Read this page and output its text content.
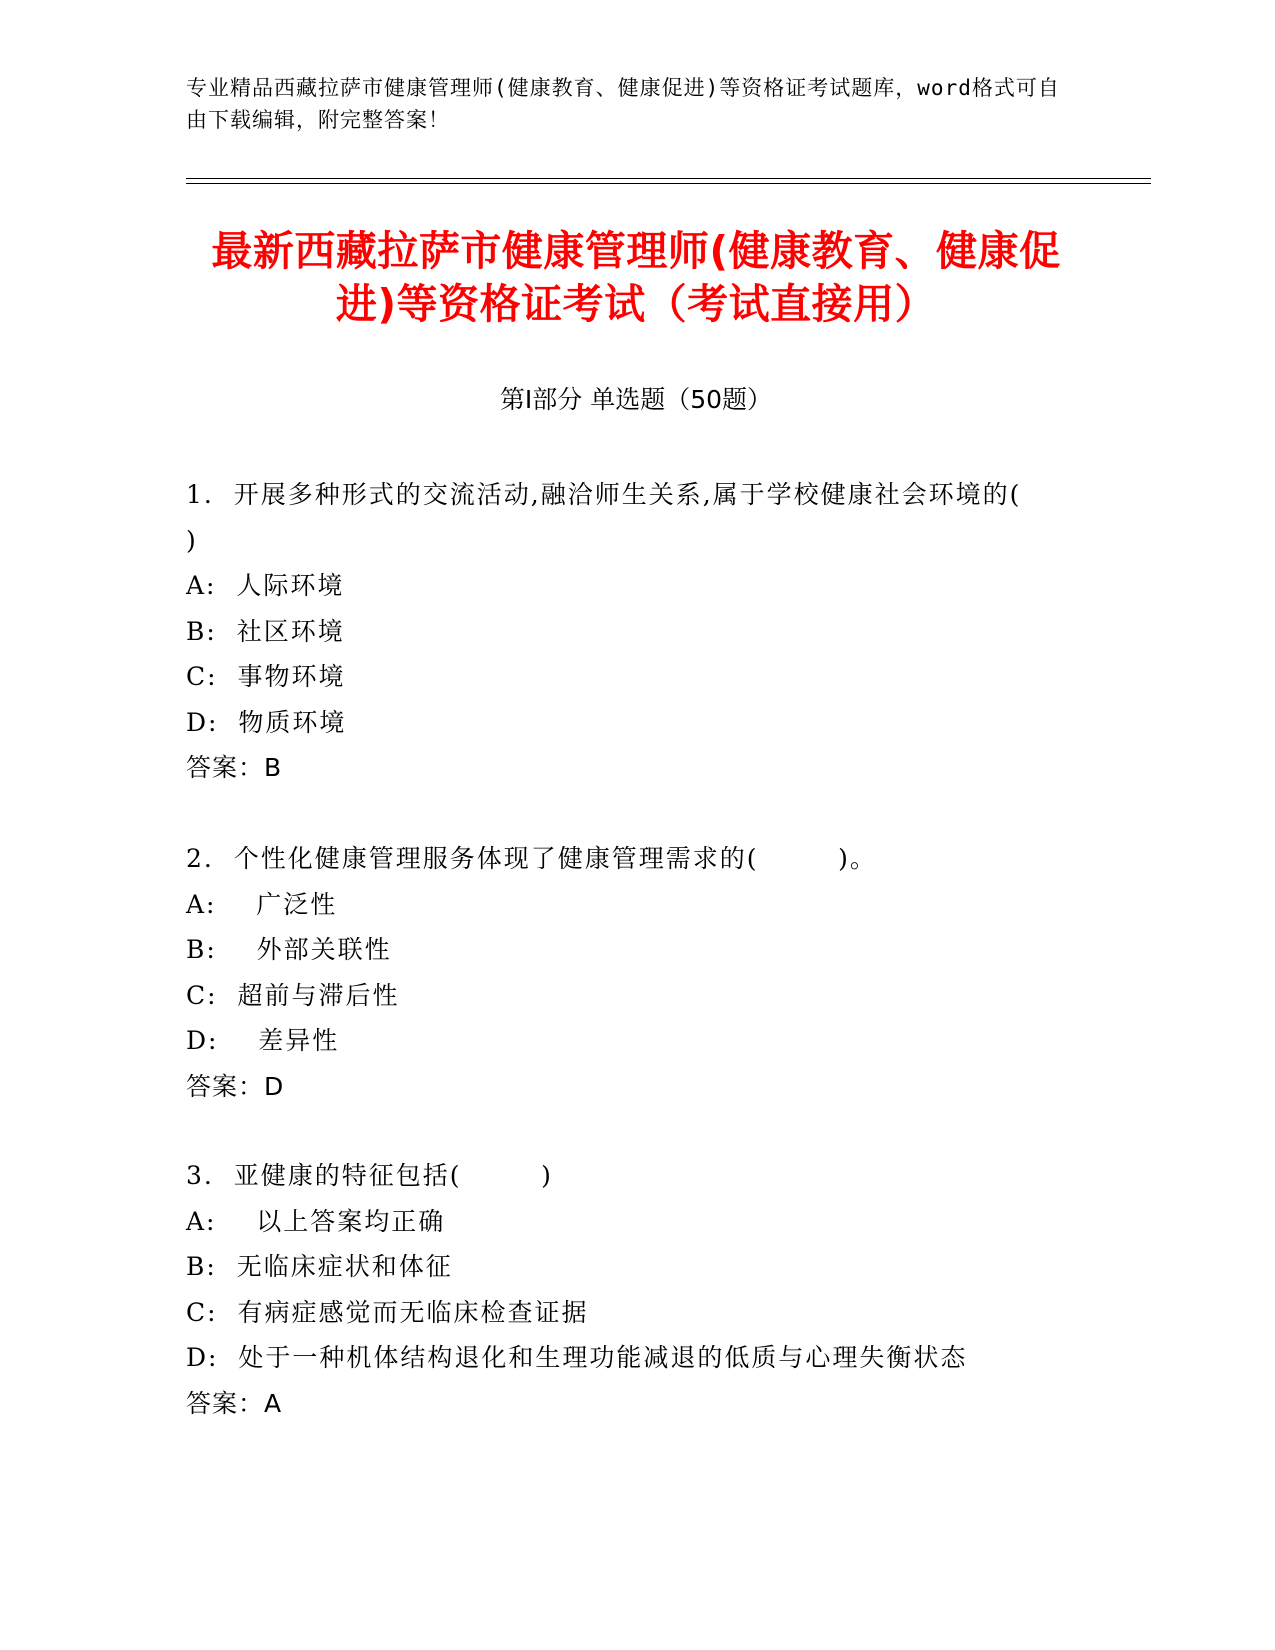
专业精品西藏拉萨市健康管理师(健康教育、健康促进)等资格证考试题库，word格式可自由下载编辑，附完整答案！
最新西藏拉萨市健康管理师(健康教育、健康促进)等资格证考试（考试直接用）
第Ⅰ部分 单选题（50题）
1.  开展多种形式的交流活动,融洽师生关系,属于学校健康社会环境的(        )
A:  人际环境
B:  社区环境
C:  事物环境
D:  物质环境
答案：B
2.  个性化健康管理服务体现了健康管理需求的(        )。
A:    广泛性
B:    外部关联性
C:  超前与滞后性
D:    差异性
答案：D
3.  亚健康的特征包括(        )
A:    以上答案均正确
B:  无临床症状和体征
C:  有病症感觉而无临床检查证据
D:  处于一种机体结构退化和生理功能减退的低质与心理失衡状态
答案：A
